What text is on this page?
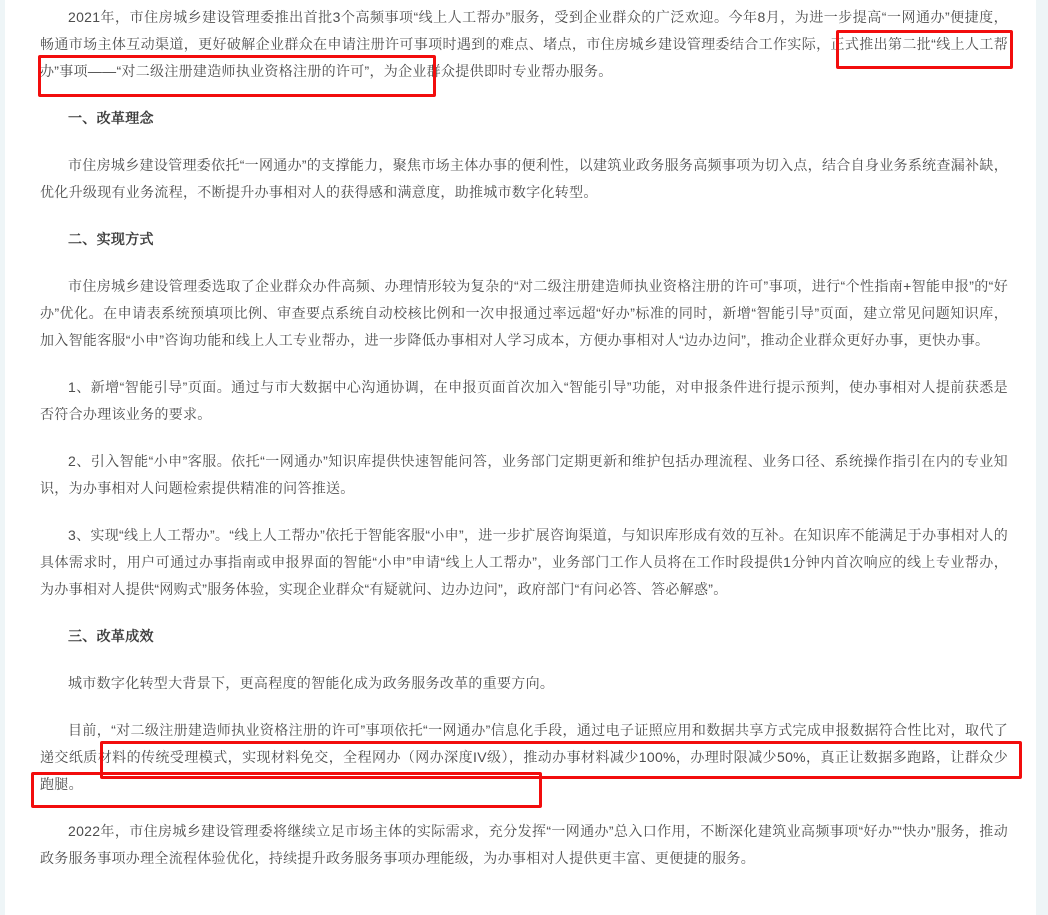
2021年，市住房城乡建设管理委推出首批3个高频事项“线上人工帮办”服务，受到企业群众的广泛欢迎。今年8月，为进一步提高“一网通办”便捷度，畅通市场主体互动渠道，更好破解企业群众在申请注册许可事项时遇到的难点、堵点，市住房城乡建设管理委结合工作实际，正式推出第二批“线上人工帮办”事项——“对二级注册建造师执业资格注册的许可”，为企业群众提供即时专业帮办服务。

一、改革理念

市住房城乡建设管理委依托“一网通办”的支撑能力，聚焦市场主体办事的便利性，以建筑业政务服务高频事项为切入点，结合自身业务系统查漏补缺，优化升级现有业务流程，不断提升办事相对人的获得感和满意度，助推城市数字化转型。

二、实现方式

市住房城乡建设管理委选取了企业群众办件高频、办理情形较为复杂的“对二级注册建造师执业资格注册的许可”事项，进行“个性指南+智能申报”的“好办”优化。在申请表系统预填项比例、审查要点系统自动校核比例和一次申报通过率远超“好办”标准的同时，新增“智能引导”页面，建立常见问题知识库，加入智能客服“小申”咨询功能和线上人工专业帮办，进一步降低办事相对人学习成本，方便办事相对人“边办边问”，推动企业群众更好办事，更快办事。

1、新增“智能引导”页面。通过与市大数据中心沟通协调，在申报页面首次加入“智能引导”功能，对申报条件进行提示预判，使办事相对人提前获悉是否符合办理该业务的要求。

2、引入智能“小申”客服。依托“一网通办”知识库提供快速智能问答，业务部门定期更新和维护包括办理流程、业务口径、系统操作指引在内的专业知识，为办事相对人问题检索提供精准的问答推送。

3、实现“线上人工帮办”。“线上人工帮办”依托于智能客服“小申”，进一步扩展咨询渠道，与知识库形成有效的互补。在知识库不能满足于办事相对人的具体需求时，用户可通过办事指南或申报界面的智能“小申”申请“线上人工帮办”，业务部门工作人员将在工作时段提供1分钟内首次响应的线上专业帮办，为办事相对人提供“网购式”服务体验，实现企业群众“有疑就问、边办边问”，政府部门“有问必答、答必解惑”。

三、改革成效

城市数字化转型大背景下，更高程度的智能化成为政务服务改革的重要方向。

目前，“对二级注册建造师执业资格注册的许可”事项依托“一网通办”信息化手段，通过电子证照应用和数据共享方式完成申报数据符合性比对，取代了递交纸质材料的传统受理模式，实现材料免交，全程网办（网办深度IV级），推动办事材料减少100%，办理时限减少50%，真正让数据多跑路，让群众少跑腿。

2022年，市住房城乡建设管理委将继续立足市场主体的实际需求，充分发挥“一网通办”总入口作用，不断深化建筑业高频事项“好办”“快办”服务，推动政务服务事项办理全流程体验优化，持续提升政务服务事项办理能级，为办事相对人提供更丰富、更便捷的服务。
